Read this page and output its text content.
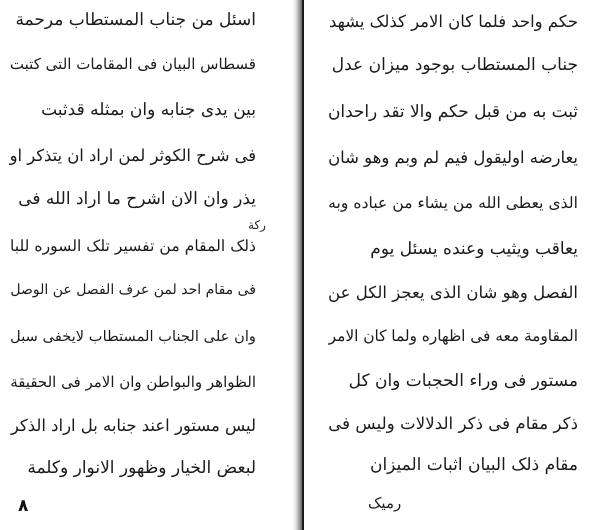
اسئل من جناب المستطاب مرحمة
قسطاس البيان فی المقامات التی کتبت
بین یدی جنابه وان بمثله قدثبت
فی شرح الکوثر لمن اراد ان یتذکر او
یذر وان الان اشرح ما اراد الله فی
ذلک المقام من تفسیر تلک السوره للبا
فی مقام احد لمن عرف الفصل عن الوصل
وان علی الجناب المستطاب لایخفی سبل
الظواهر والبواطن وان الامر فی الحقیقة
لیس مستور اعند جنابه بل اراد الذکر
لبعض الخیار وظهور الانوار وکلمة
رکة
٨
حکم واحد فلما کان الامر کذلک یشهد
جناب المستطاب بوجود میزان عدل
ثبت به من قبل حکم والا تقد راحدان
یعارضه اولیقول فیم لم وبم وهو شان
الذی یعطی الله من یشاء من عباده وبه
یعاقب ویثیب وعنده یسئل یوم
الفصل وهو شان الذی یعجز الکل عن
المقاومة معه فی اظهاره ولما کان الامر
مستور فی وراء الحجبات وان کل
ذکر مقام فی ذکر الدلالات ولیس فی
مقام ذلک البیان اثبات المیزان
رمیک
